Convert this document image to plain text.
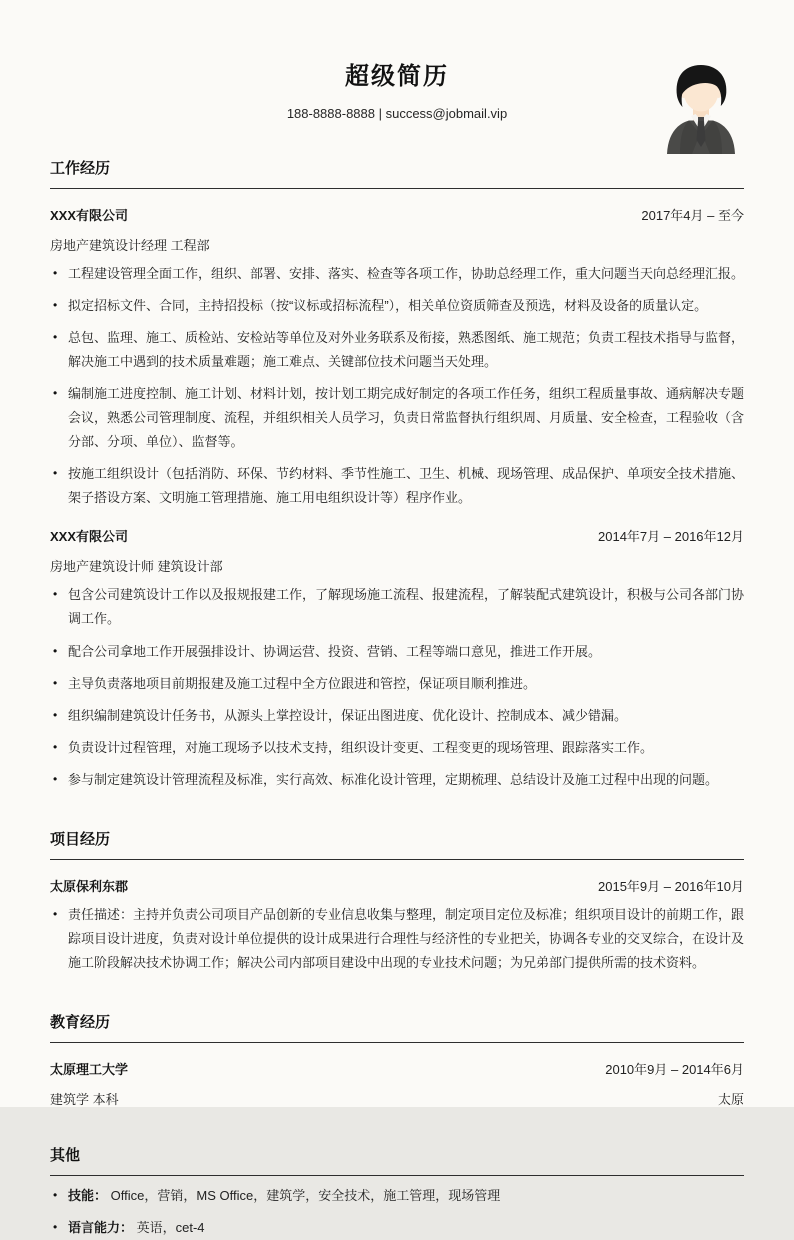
超级简历
188-8888-8888 | success@jobmail.vip
工作经历
XXX有限公司	2017年4月 – 至今
房地产建筑设计经理 工程部
• 工程建设管理全面工作，组织、部署、安排、落实、检查等各项工作，协助总经理工作，重大问题当天向总经理汇报。
• 拟定招标文件、合同，主持招投标（按“议标或招标流程”），相关单位资质筛查及预选，材料及设备的质量认定。
• 总包、监理、施工、质检站、安检站等单位及对外业务联系及衔接，熟悉图纸、施工规范；负责工程技术指导与监督，解决施工中遇到的技术质量难题；施工难点、关键部位技术问题当天处理。
• 编制施工进度控制、施工计划、材料计划，按计划工期完成好制定的各项工作任务，组织工程质量事故、通病解决专题会议，熟悉公司管理制度、流程，并组织相关人员学习，负责日常监督执行组织周、月质量、安全检查，工程验收（含分部、分项、单位）、监督等。
• 按施工组织设计（包括消防、环保、节约材料、季节性施工、卫生、机械、现场管理、成品保护、单项安全技术措施、架子搭设方案、文明施工管理措施、施工用电组织设计等）程序作业。
XXX有限公司	2014年7月 – 2016年12月
房地产建筑设计师 建筑设计部
• 包含公司建筑设计工作以及报规报建工作，了解现场施工流程、报建流程，了解装配式建筑设计，积极与公司各部门协调工作。
• 配合公司拿地工作开展强排设计、协调运营、投资、营销、工程等端口意见，推进工作开展。
• 主导负责落地项目前期报建及施工过程中全方位跟进和管控，保证项目顺利推进。
• 组织编制建筑设计任务书，从源头上掌控设计，保证出图进度、优化设计、控制成本、减少错漏。
• 负责设计过程管理，对施工现场予以技术支持，组织设计变更、工程变更的现场管理、跟踪落实工作。
• 参与制定建筑设计管理流程及标准，实行高效、标准化设计管理，定期梳理、总结设计及施工过程中出现的问题。
项目经历
太原保利东郡	2015年9月 – 2016年10月
• 责任描述：主持并负责公司项目产品创新的专业信息收集与整理，制定项目定位及标准；组织项目设计的前期工作，跟踪项目设计进度，负责对设计单位提供的设计成果进行合理性与经济性的专业把关，协调各专业的交叉综合，在设计及施工阶段解决技术协调工作；解决公司内部项目建设中出现的专业技术问题；为兄弟部门提供所需的技术资料。
教育经历
太原理工大学	2010年9月 – 2014年6月
建筑学 本科	太原
其他
• 技能： Office，营销，MS Office，建筑学，安全技术，施工管理，现场管理
• 语言能力： 英语，cet-4
